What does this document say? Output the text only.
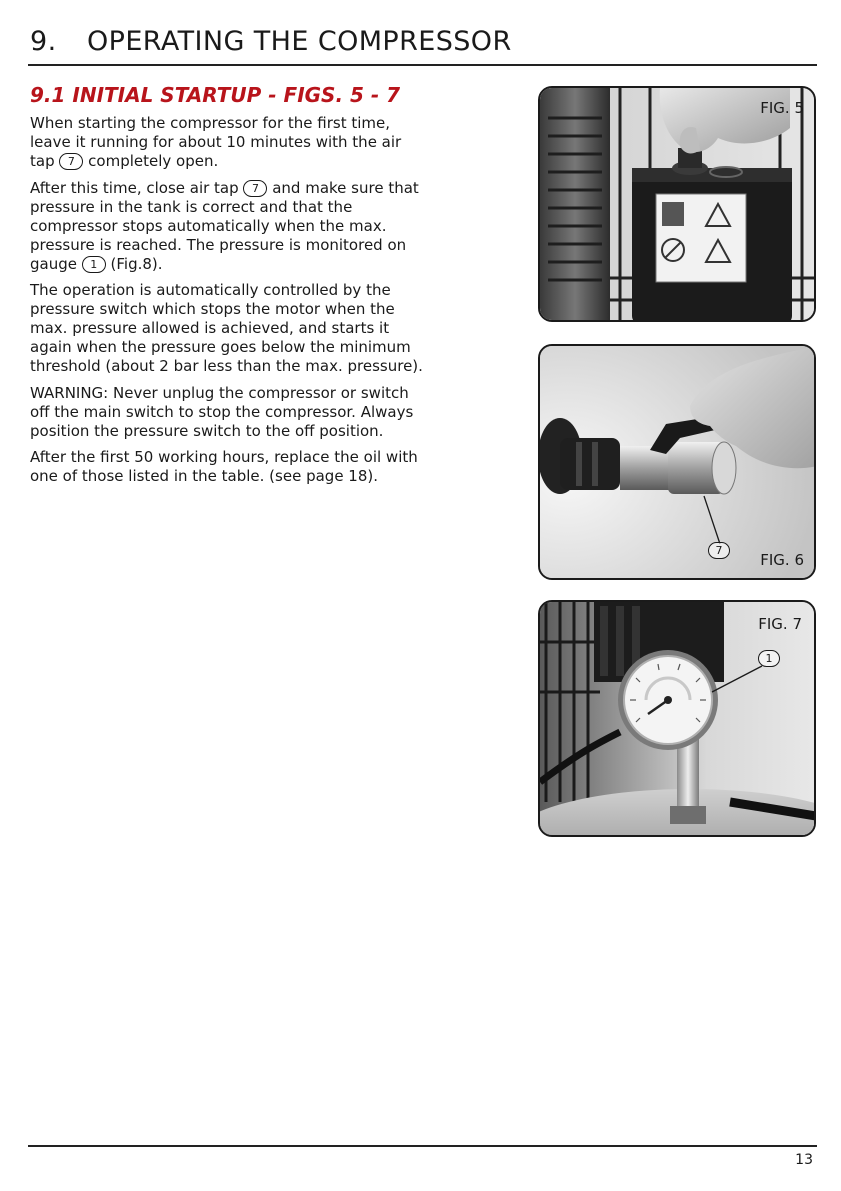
9. OPERATING THE COMPRESSOR
9.1 INITIAL STARTUP - FIGS. 5 - 7

When starting the compressor for the first time,
leave it running for about 10 minutes with the air
tap 7 completely open.

After this time, close air tap 7 and make sure that
pressure in the tank is correct and that the
compressor stops automatically when the max.
pressure is reached. The pressure is monitored on
gauge 1 (Fig.8).

The operation is automatically controlled by the
pressure switch which stops the motor when the
max. pressure allowed is achieved, and starts it
again when the pressure goes below the minimum
threshold (about 2 bar less than the max. pressure).

WARNING: Never unplug the compressor or switch
off the main switch to stop the compressor. Always
position the pressure switch to the off position.

After the first 50 working hours, replace the oil with
one of those listed in the table. (see page 18).

FIG. 5
7
FIG. 6
FIG. 7
1
13
